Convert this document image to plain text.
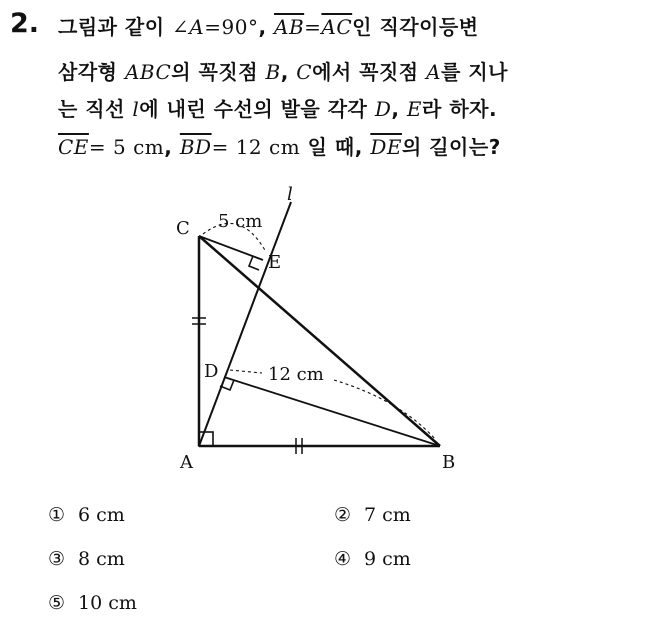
2. 그림과 같이 ∠A=90°, $\overline{AB}=\overline{AC}$인 직각이등변
삼각형 ABC의 꼭짓점 B, C에서 꼭짓점 A를 지나
는 직선 l에 내린 수선의 발을 각각 D, E라 하자.
$\overline{CE}= 5$ cm, $\overline{BD}= 12$ cm 일 때, $\overline{DE}$의 길이는?
C
E
D
A	B
l
5 cm
12 cm
① 6 cm	② 7 cm
③ 8 cm	④ 9 cm
⑤ 10 cm
